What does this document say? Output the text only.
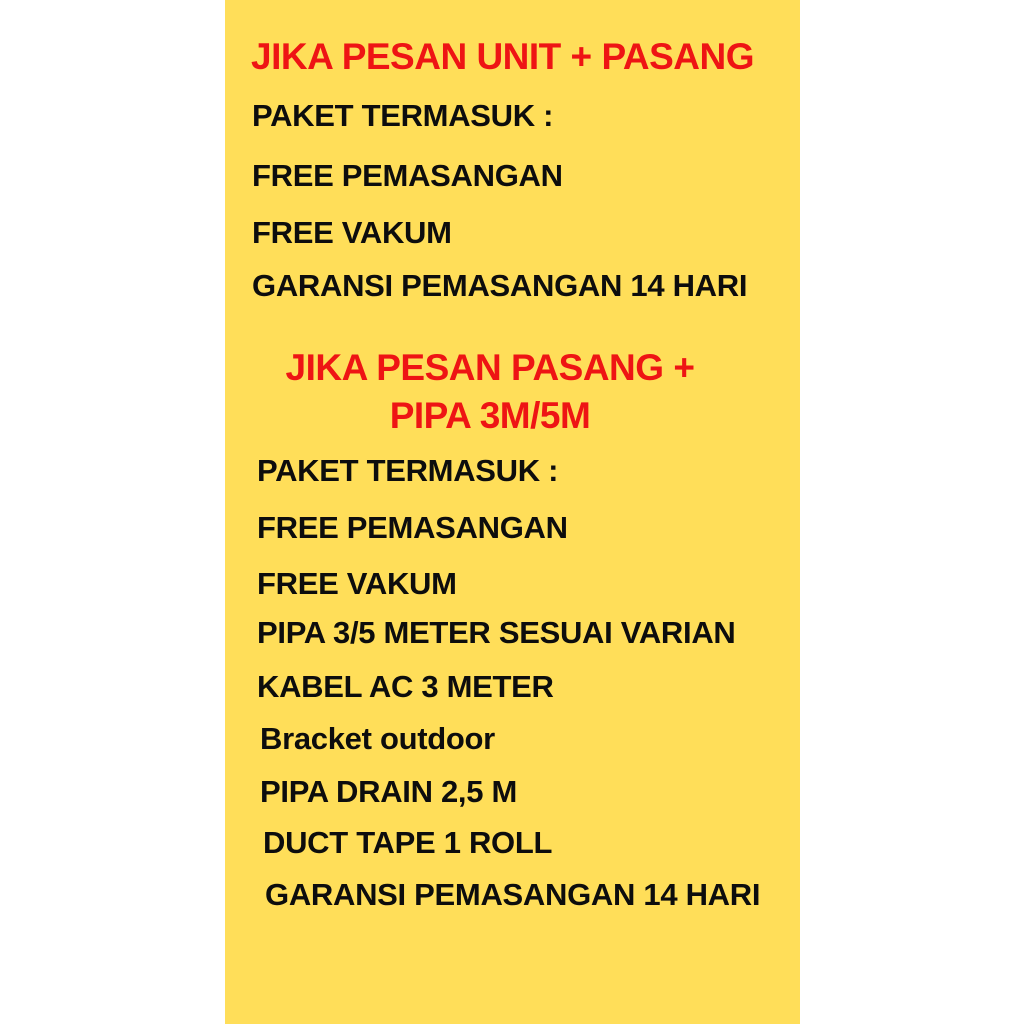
JIKA PESAN UNIT + PASANG
PAKET TERMASUK :
FREE PEMASANGAN
FREE VAKUM
GARANSI PEMASANGAN 14 HARI
JIKA PESAN PASANG +
PIPA 3M/5M
PAKET TERMASUK :
FREE PEMASANGAN
FREE VAKUM
PIPA 3/5 METER SESUAI VARIAN
KABEL AC 3 METER
Bracket outdoor
PIPA DRAIN 2,5 M
DUCT TAPE 1 ROLL
GARANSI PEMASANGAN 14 HARI
